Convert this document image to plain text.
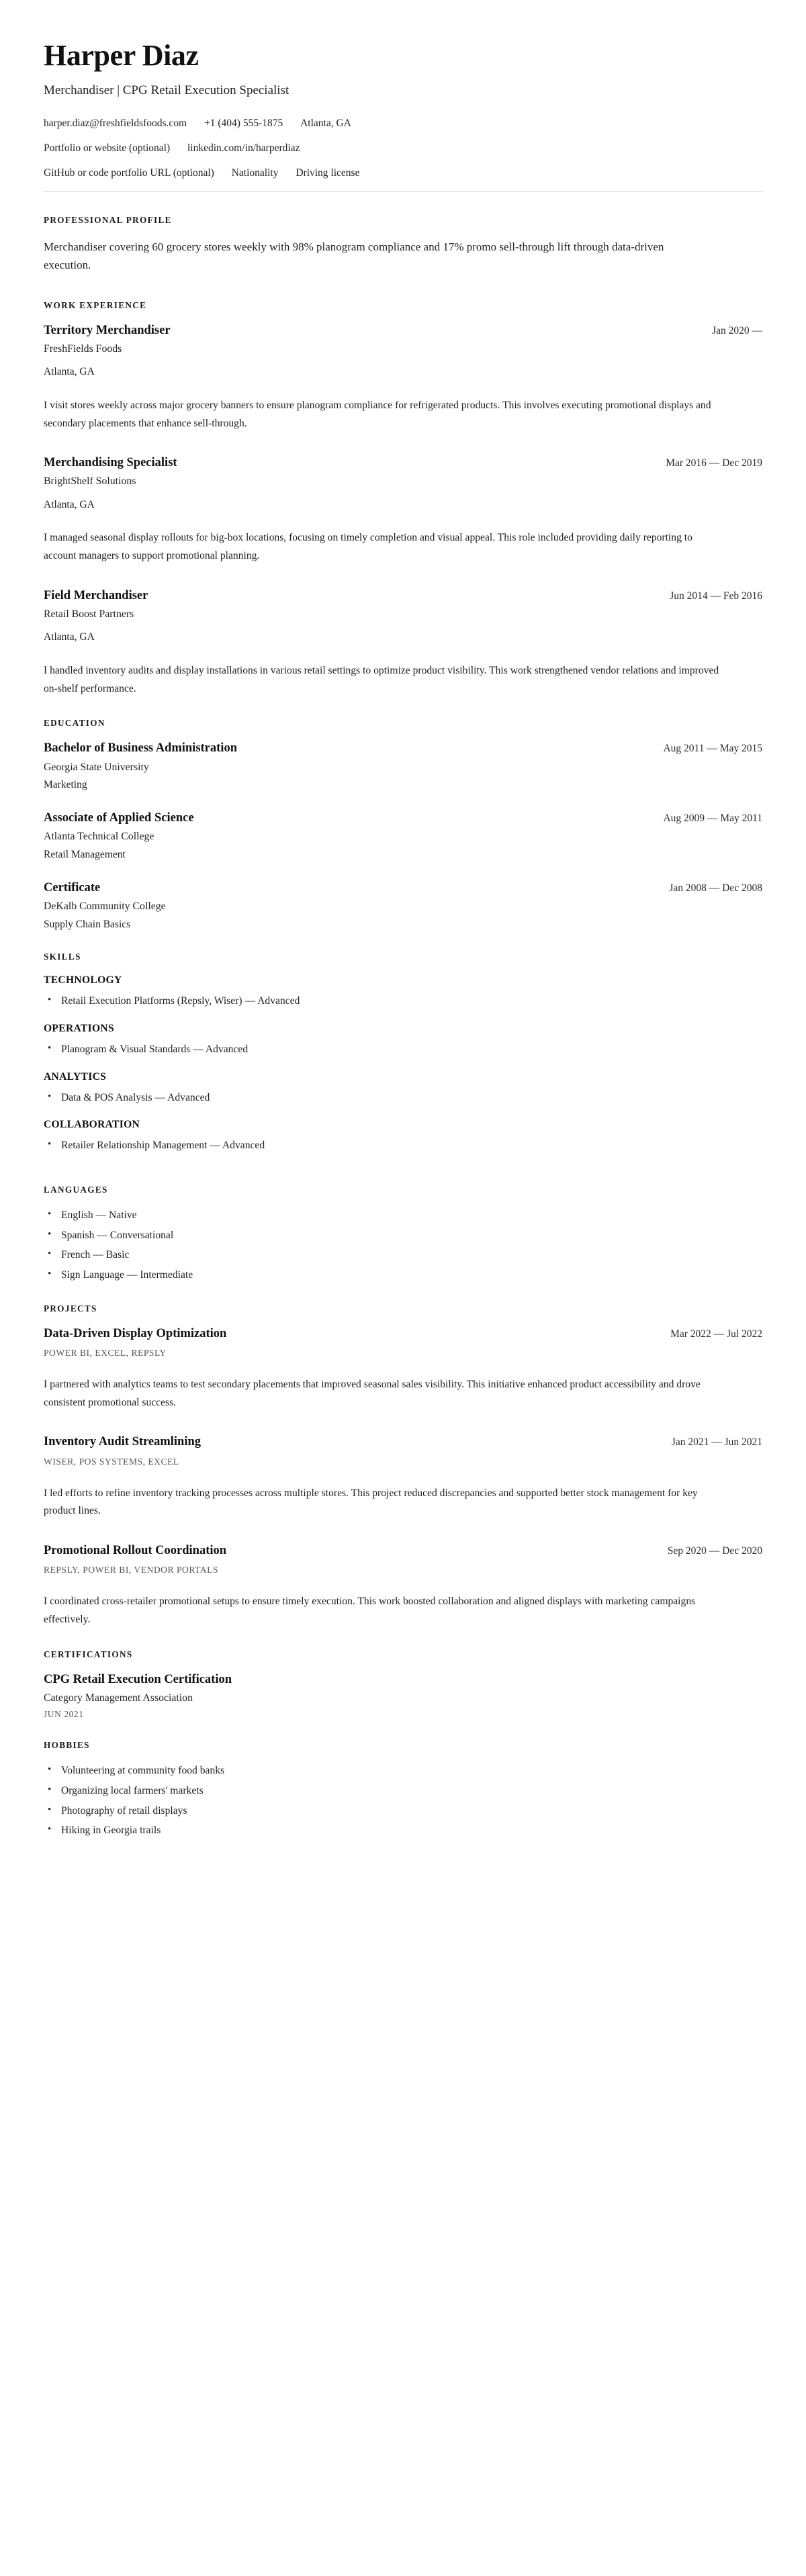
Harper Diaz
Merchandiser | CPG Retail Execution Specialist
harper.diaz@freshfieldsfoods.com +1 (404) 555-1875 Atlanta, GA
Portfolio or website (optional) linkedin.com/in/harperdiaz
GitHub or code portfolio URL (optional) Nationality Driving license
PROFESSIONAL PROFILE

Merchandiser covering 60 grocery stores weekly with 98% planogram compliance and 17% promo sell-through lift through data-driven execution.

WORK EXPERIENCE
Territory Merchandiser	Jan 2020 —
FreshFields Foods
Atlanta, GA
I visit stores weekly across major grocery banners to ensure planogram compliance for refrigerated products. This involves executing promotional displays and secondary placements that enhance sell-through.
Merchandising Specialist	Mar 2016 — Dec 2019
BrightShelf Solutions
Atlanta, GA
I managed seasonal display rollouts for big-box locations, focusing on timely completion and visual appeal. This role included providing daily reporting to account managers to support promotional planning.
Field Merchandiser	Jun 2014 — Feb 2016
Retail Boost Partners
Atlanta, GA
I handled inventory audits and display installations in various retail settings to optimize product visibility. This work strengthened vendor relations and improved on-shelf performance.
EDUCATION
Bachelor of Business Administration	Aug 2011 — May 2015
Georgia State University
Marketing
Associate of Applied Science	Aug 2009 — May 2011
Atlanta Technical College
Retail Management
Certificate	Jan 2008 — Dec 2008
DeKalb Community College
Supply Chain Basics
SKILLS
TECHNOLOGY
• Retail Execution Platforms (Repsly, Wiser) — Advanced
OPERATIONS
• Planogram & Visual Standards — Advanced
ANALYTICS
• Data & POS Analysis — Advanced
COLLABORATION
• Retailer Relationship Management — Advanced
LANGUAGES
• English — Native
• Spanish — Conversational
• French — Basic
• Sign Language — Intermediate
PROJECTS
Data-Driven Display Optimization	Mar 2022 — Jul 2022
POWER BI, EXCEL, REPSLY
I partnered with analytics teams to test secondary placements that improved seasonal sales visibility. This initiative enhanced product accessibility and drove consistent promotional success.
Inventory Audit Streamlining	Jan 2021 — Jun 2021
WISER, POS SYSTEMS, EXCEL
I led efforts to refine inventory tracking processes across multiple stores. This project reduced discrepancies and supported better stock management for key product lines.
Promotional Rollout Coordination	Sep 2020 — Dec 2020
REPSLY, POWER BI, VENDOR PORTALS
I coordinated cross-retailer promotional setups to ensure timely execution. This work boosted collaboration and aligned displays with marketing campaigns effectively.
CERTIFICATIONS
CPG Retail Execution Certification
Category Management Association
JUN 2021
HOBBIES
• Volunteering at community food banks
• Organizing local farmers' markets
• Photography of retail displays
• Hiking in Georgia trails
